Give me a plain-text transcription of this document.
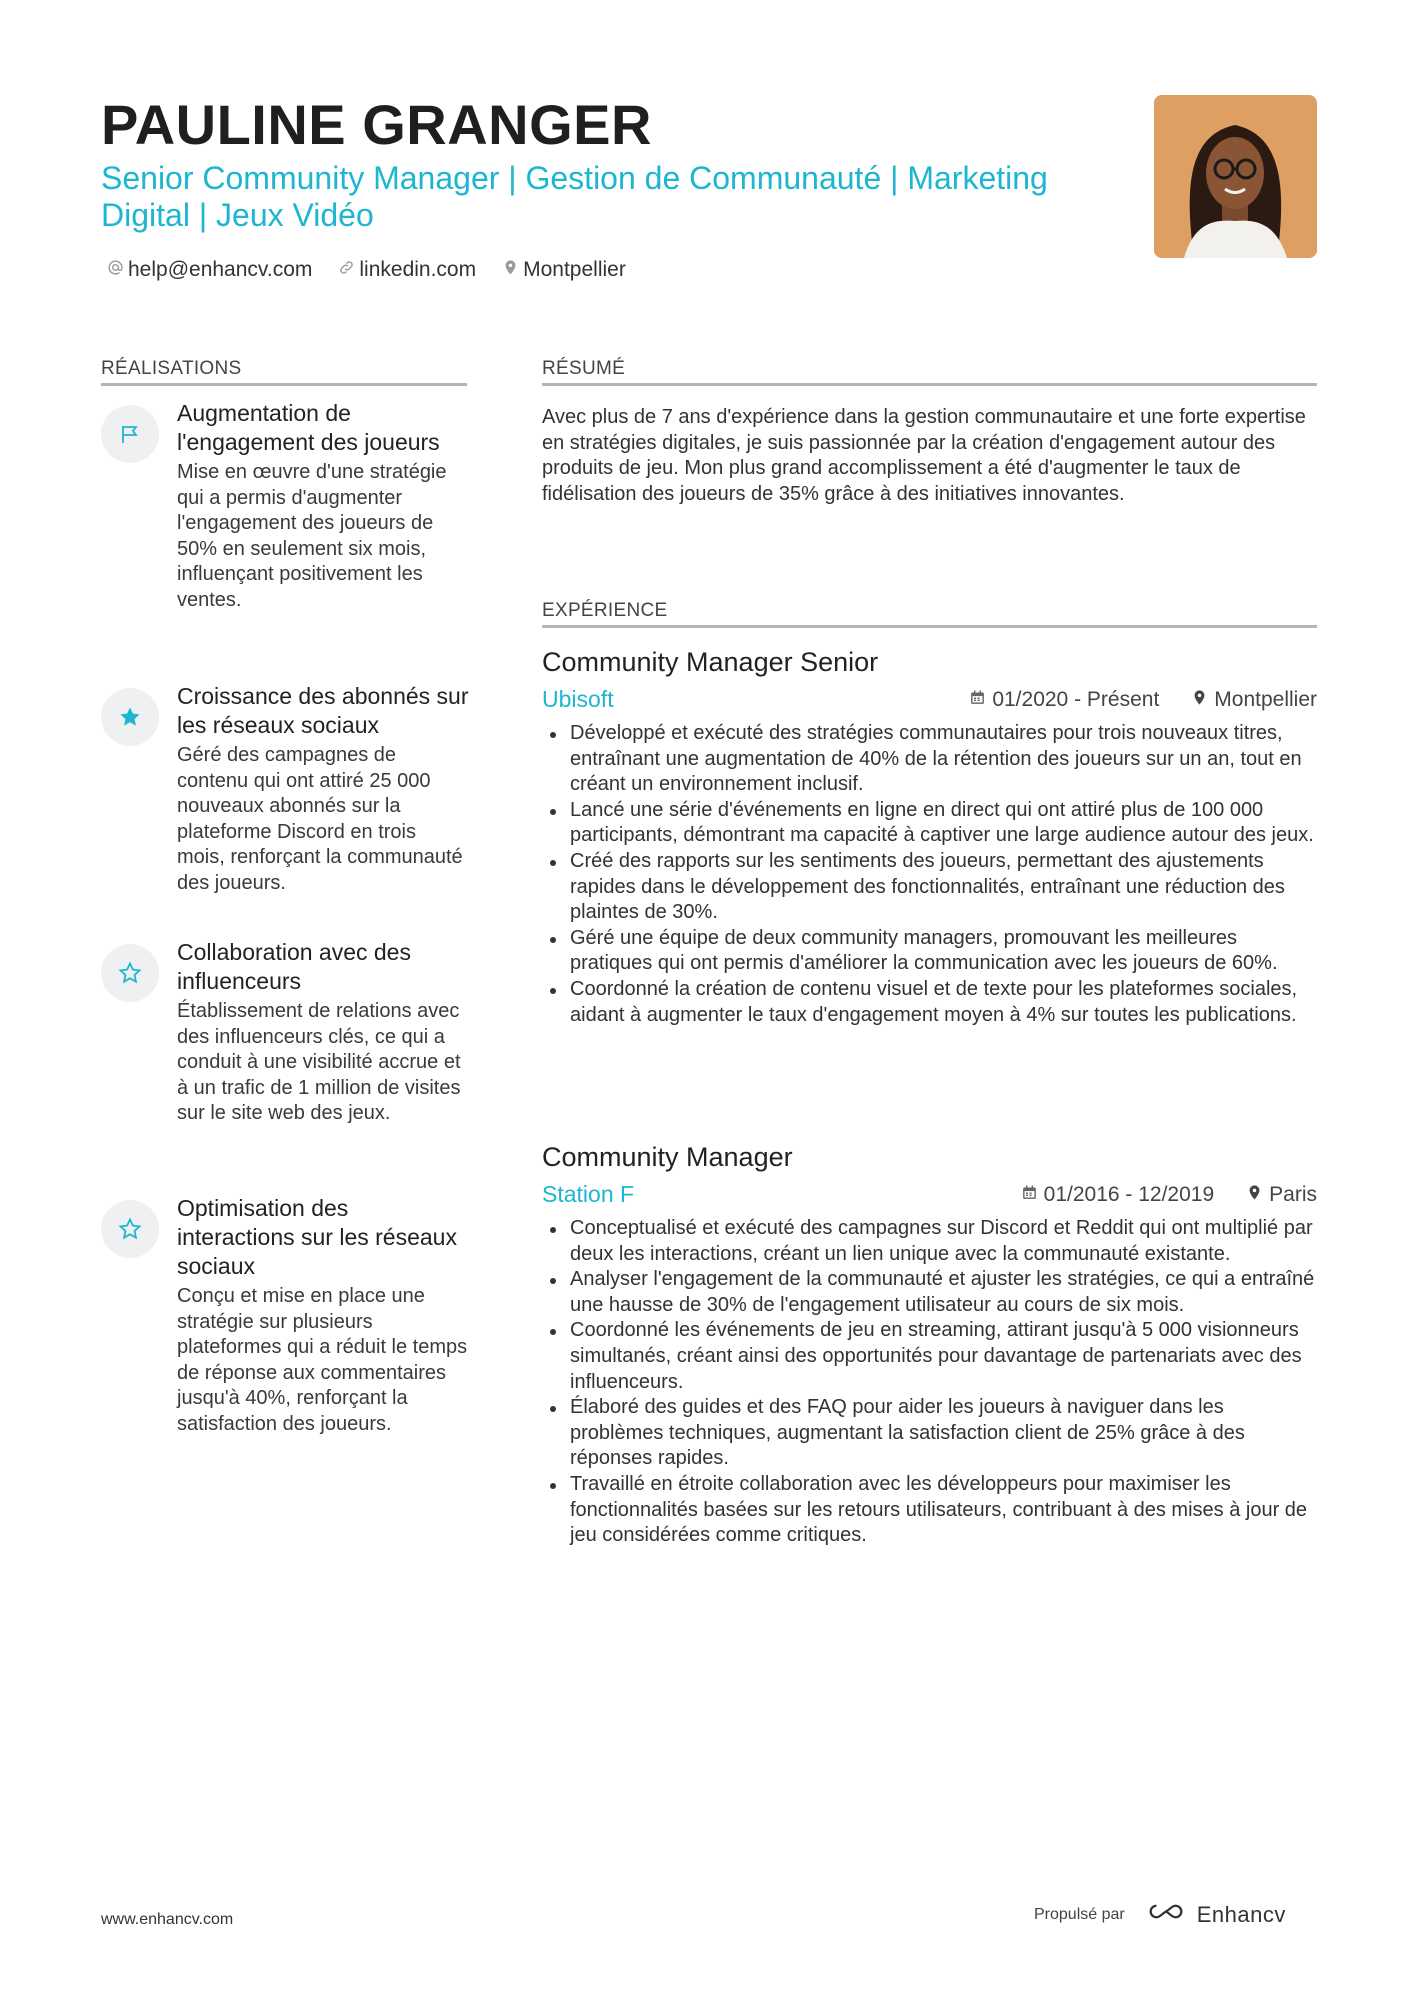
PAULINE GRANGER
Senior Community Manager | Gestion de Communauté | Marketing Digital | Jeux Vidéo
help@enhancv.com linkedin.com Montpellier
RÉALISATIONS
Augmentation de l'engagement des joueurs
Mise en œuvre d'une stratégie qui a permis d'augmenter l'engagement des joueurs de 50% en seulement six mois, influençant positivement les ventes.
Croissance des abonnés sur les réseaux sociaux
Géré des campagnes de contenu qui ont attiré 25 000 nouveaux abonnés sur la plateforme Discord en trois mois, renforçant la communauté des joueurs.
Collaboration avec des influenceurs
Établissement de relations avec des influenceurs clés, ce qui a conduit à une visibilité accrue et à un trafic de 1 million de visites sur le site web des jeux.
Optimisation des interactions sur les réseaux sociaux
Conçu et mise en place une stratégie sur plusieurs plateformes qui a réduit le temps de réponse aux commentaires jusqu'à 40%, renforçant la satisfaction des joueurs.
RÉSUMÉ
Avec plus de 7 ans d'expérience dans la gestion communautaire et une forte expertise en stratégies digitales, je suis passionnée par la création d'engagement autour des produits de jeu. Mon plus grand accomplissement a été d'augmenter le taux de fidélisation des joueurs de 35% grâce à des initiatives innovantes.
EXPÉRIENCE
Community Manager Senior
Ubisoft	01/2020 - Présent	Montpellier
Développé et exécuté des stratégies communautaires pour trois nouveaux titres, entraînant une augmentation de 40% de la rétention des joueurs sur un an, tout en créant un environnement inclusif.
Lancé une série d'événements en ligne en direct qui ont attiré plus de 100 000 participants, démontrant ma capacité à captiver une large audience autour des jeux.
Créé des rapports sur les sentiments des joueurs, permettant des ajustements rapides dans le développement des fonctionnalités, entraînant une réduction des plaintes de 30%.
Géré une équipe de deux community managers, promouvant les meilleures pratiques qui ont permis d'améliorer la communication avec les joueurs de 60%.
Coordonné la création de contenu visuel et de texte pour les plateformes sociales, aidant à augmenter le taux d'engagement moyen à 4% sur toutes les publications.
Community Manager
Station F	01/2016 - 12/2019	Paris
Conceptualisé et exécuté des campagnes sur Discord et Reddit qui ont multiplié par deux les interactions, créant un lien unique avec la communauté existante.
Analyser l'engagement de la communauté et ajuster les stratégies, ce qui a entraîné une hausse de 30% de l'engagement utilisateur au cours de six mois.
Coordonné les événements de jeu en streaming, attirant jusqu'à 5 000 visionneurs simultanés, créant ainsi des opportunités pour davantage de partenariats avec des influenceurs.
Élaboré des guides et des FAQ pour aider les joueurs à naviguer dans les problèmes techniques, augmentant la satisfaction client de 25% grâce à des réponses rapides.
Travaillé en étroite collaboration avec les développeurs pour maximiser les fonctionnalités basées sur les retours utilisateurs, contribuant à des mises à jour de jeu considérées comme critiques.
www.enhancv.com	Propulsé par	Enhancv
